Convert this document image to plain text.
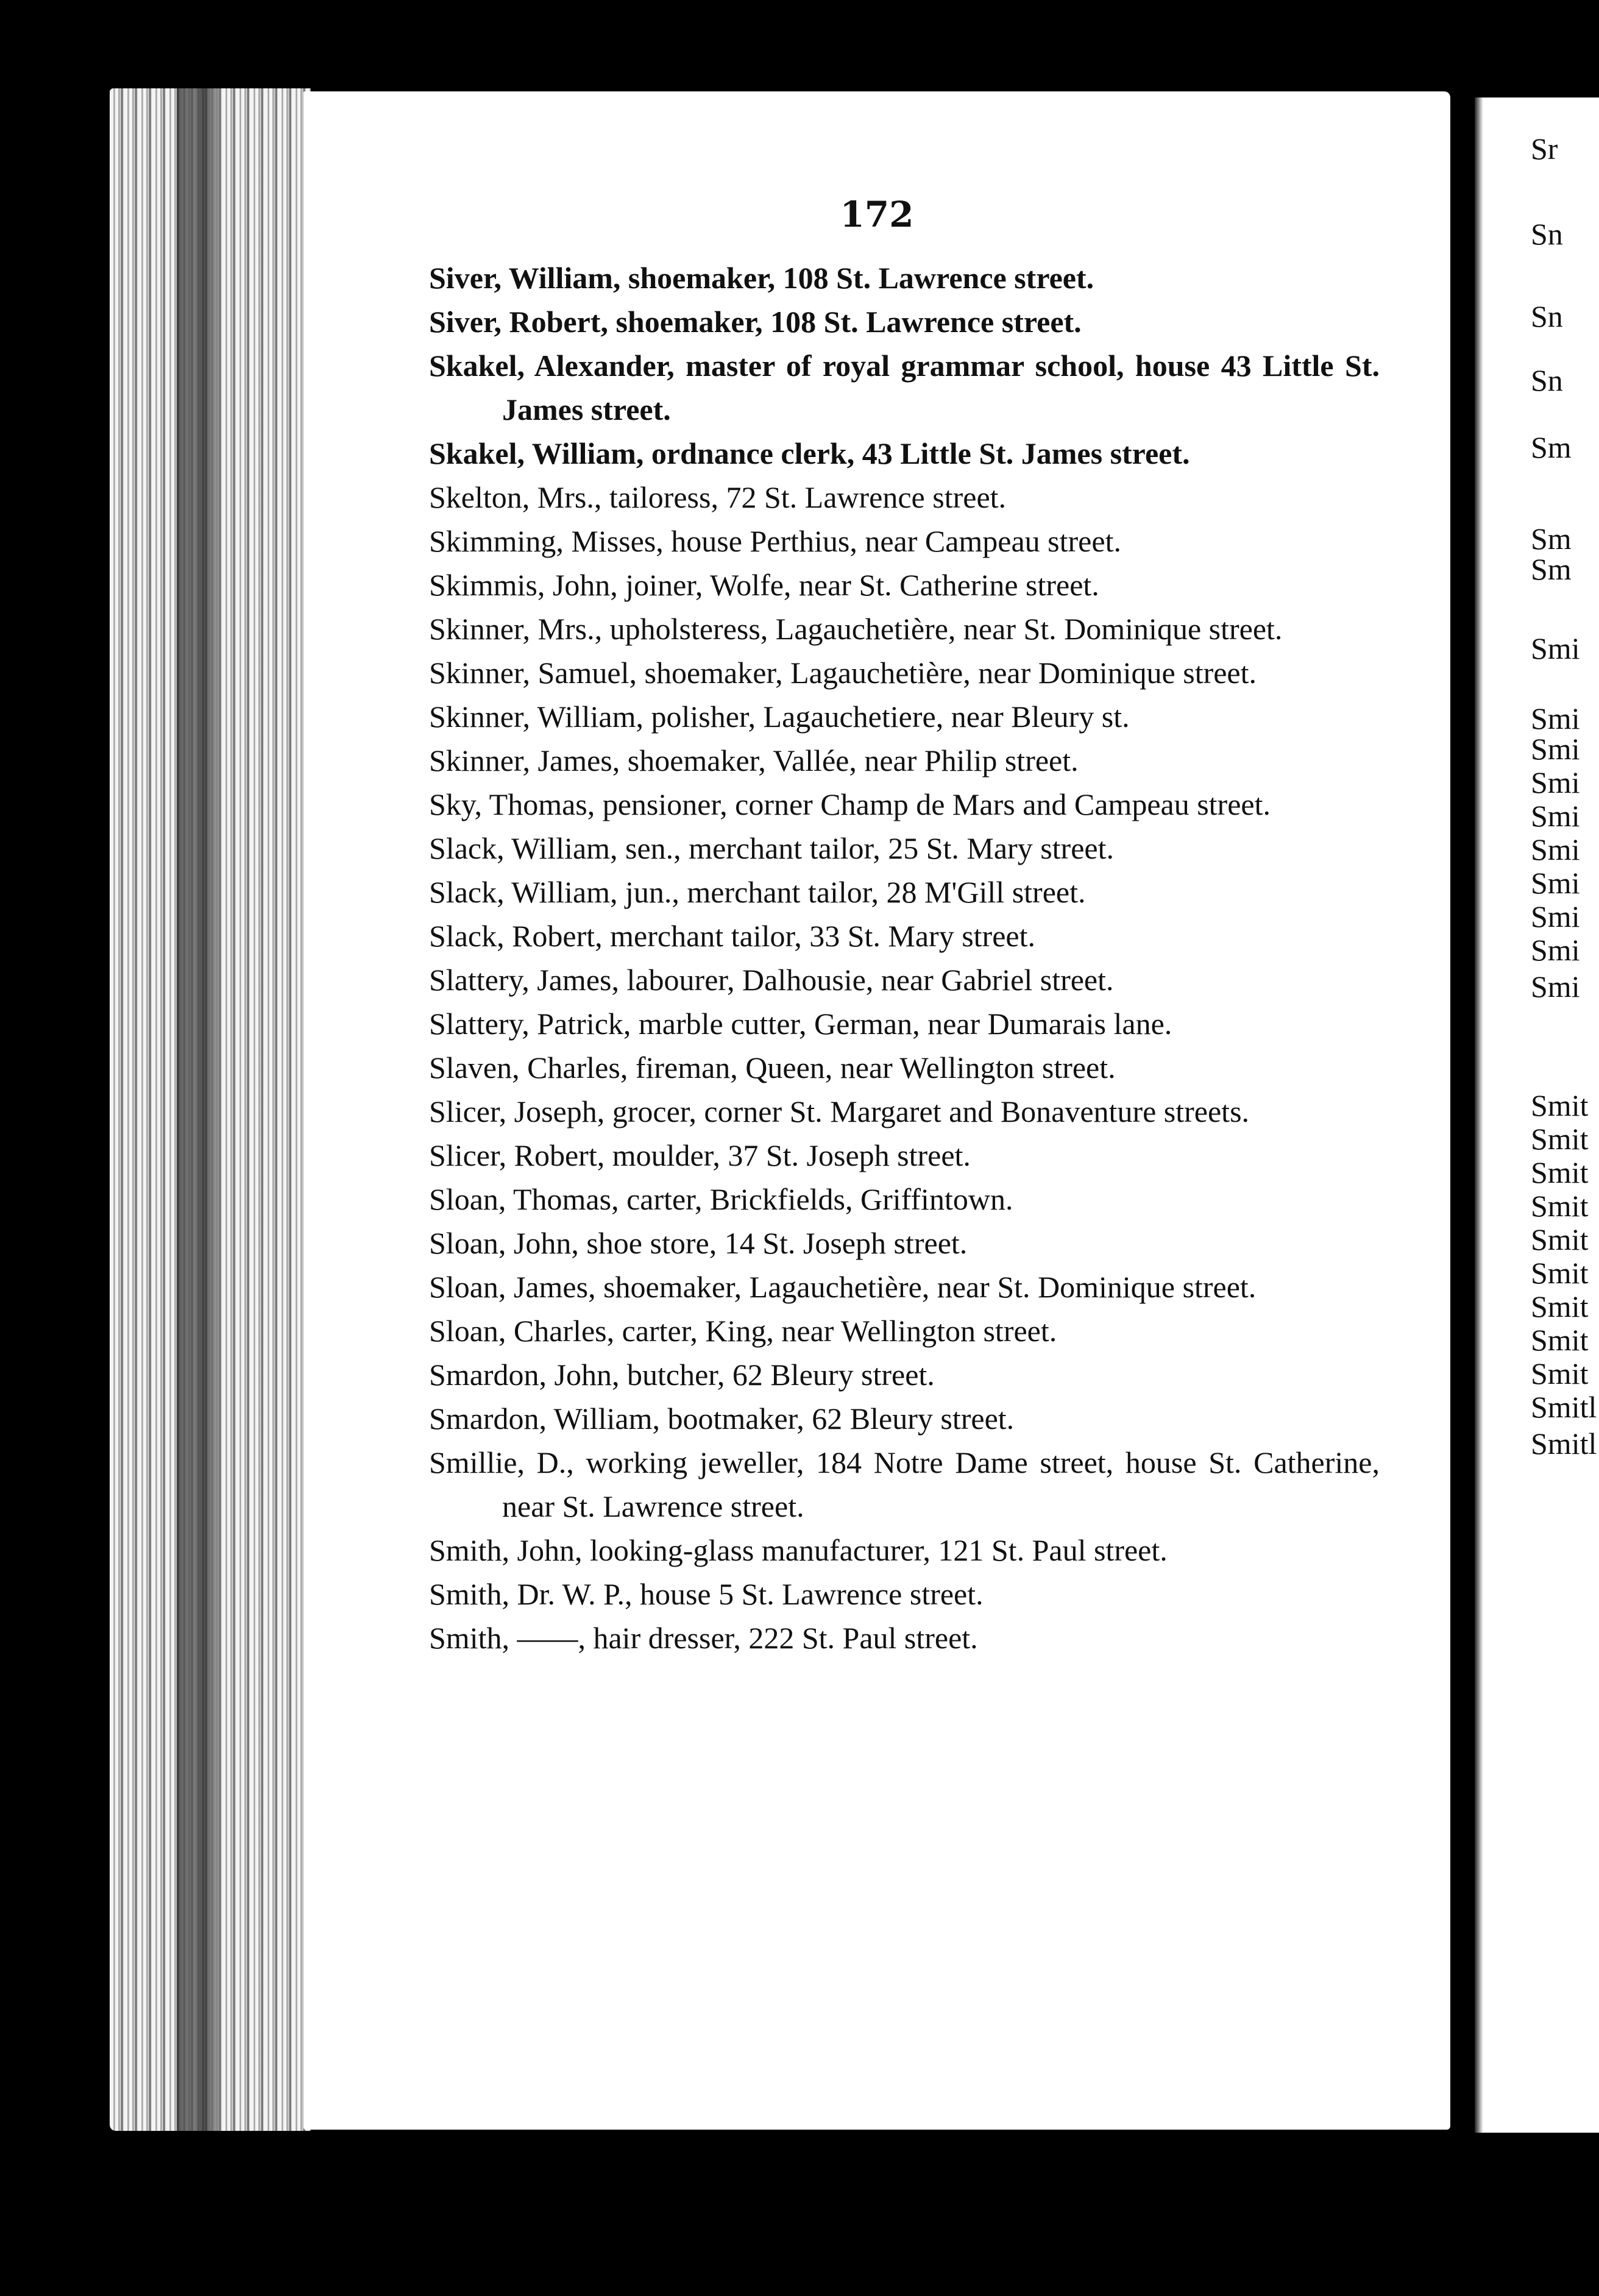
172

Siver, William, shoemaker, 108 St. Lawrence street.

Siver, Robert, shoemaker, 108 St. Lawrence street.

Skakel, Alexander, master of royal grammar school, house 43 Little St. James street.

Skakel, William, ordnance clerk, 43 Little St. James street.

Skelton, Mrs., tailoress, 72 St. Lawrence street.

Skimming, Misses, house Perthius, near Campeau street.

Skimmis, John, joiner, Wolfe, near St. Catherine street.

Skinner, Mrs., upholsteress, Lagauchetière, near St. Dominique street.

Skinner, Samuel, shoemaker, Lagauchetière, near Dominique street.

Skinner, William, polisher, Lagauchetiere, near Bleury st.

Skinner, James, shoemaker, Vallée, near Philip street.

Sky, Thomas, pensioner, corner Champ de Mars and Campeau street.

Slack, William, sen., merchant tailor, 25 St. Mary street.

Slack, William, jun., merchant tailor, 28 M'Gill street.

Slack, Robert, merchant tailor, 33 St. Mary street.

Slattery, James, labourer, Dalhousie, near Gabriel street.

Slattery, Patrick, marble cutter, German, near Dumarais lane.

Slaven, Charles, fireman, Queen, near Wellington street.

Slicer, Joseph, grocer, corner St. Margaret and Bonaventure streets.

Slicer, Robert, moulder, 37 St. Joseph street.

Sloan, Thomas, carter, Brickfields, Griffintown.

Sloan, John, shoe store, 14 St. Joseph street.

Sloan, James, shoemaker, Lagauchetière, near St. Dominique street.

Sloan, Charles, carter, King, near Wellington street.

Smardon, John, butcher, 62 Bleury street.

Smardon, William, bootmaker, 62 Bleury street.

Smillie, D., working jeweller, 184 Notre Dame street, house St. Catherine, near St. Lawrence street.

Smith, John, looking-glass manufacturer, 121 St. Paul street.

Smith, Dr. W. P., house 5 St. Lawrence street.

Smith, ——, hair dresser, 222 St. Paul street.

Sr
Sn
Sn
Sn
Sm
Sm
Sm
Smi
Smi
Smi
Smi
Smi
Smi
Smi
Smi
Smi
Smi
Smit
Smit
Smit
Smit
Smit
Smit
Smit
Smit
Smit
Smitl
Smitl
